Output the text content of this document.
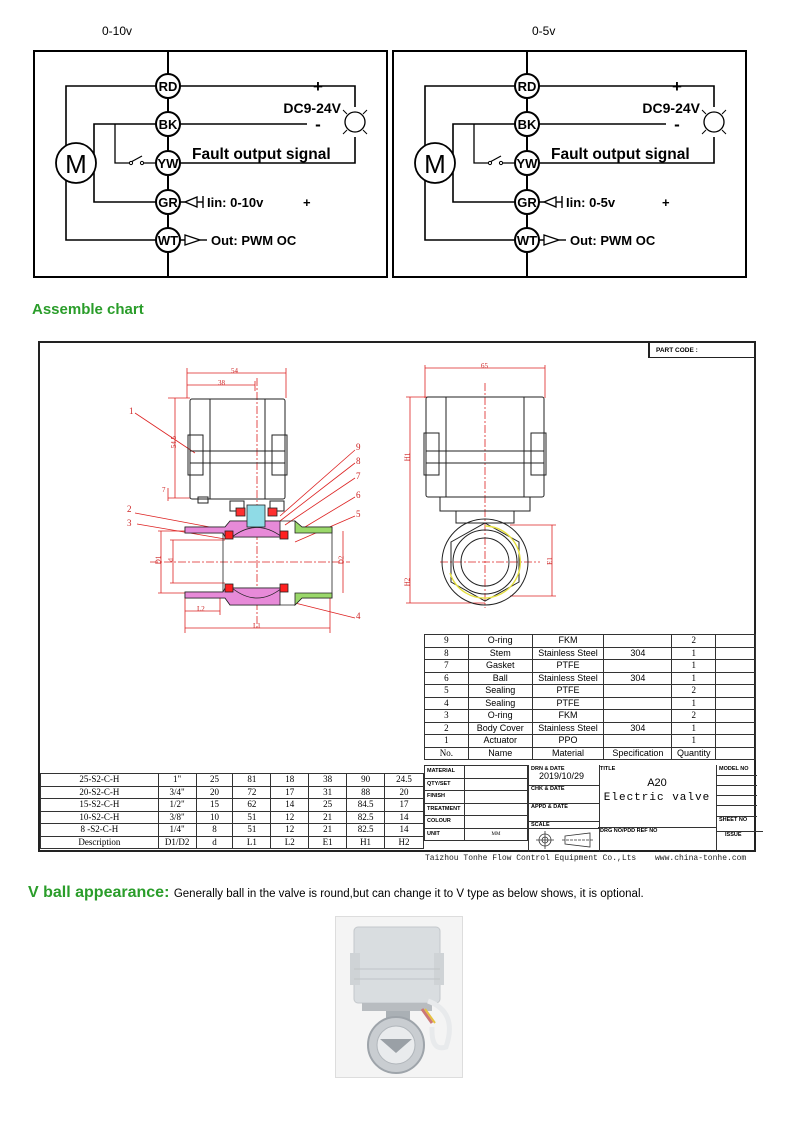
0-10v	0-5v
M
RD
BK
YW
GR
WT
+
-
DC9-24V
Fault output signal
Iin: 0-10v	+
Out: PWM OC
M
RD
BK
YW
GR
WT
+
-
DC9-24V
Fault output signal
Iin: 0-5v	+
Out: PWM OC
Assemble chart
PART CODE :
54
38
54.5
7
D1 d	D2
L2
L1
1
2
3
4
5
6
7
8
9
65
H1
H2
E1
9	O-ring	FKM		2	
8	Stem	Stainless Steel	304	1	
7	Gasket	PTFE		1	
6	Ball	Stainless Steel	304	1	
5	Sealing	PTFE		2	
4	Sealing	PTFE		1	
3	O-ring	FKM		2	
2	Body Cover	Stainless Steel	304	1	
1	Actuator	PPO		1	
No.	Name	Material	Specification	Quantity	
25-S2-C-H	1"	25	81	18	38	90	24.5
20-S2-C-H	3/4"	20	72	17	31	88	20
15-S2-C-H	1/2"	15	62	14	25	84.5	17
10-S2-C-H	3/8"	10	51	12	21	82.5	14
8 -S2-C-H	1/4"	8	51	12	21	82.5	14
Description	D1/D2	d	L1	L2	E1	H1	H2
MATERIAL	
QTY/SET	
FINISH	
TREATMENT	
COLOUR	
UNIT	MM
DRN & DATE
2019/10/29
CHK & DATE
APPD & DATE
SCALE
TITLE
A20
Electric valve
DRG NO/PDD REF NO
MODEL NO
SHEET NO
ISSUE
Taizhou Tonhe Flow Control Equipment Co.,Lts www.china-tonhe.com
V ball appearance: Generally ball in the valve is round,but can change it to V type as below shows, it is optional.
